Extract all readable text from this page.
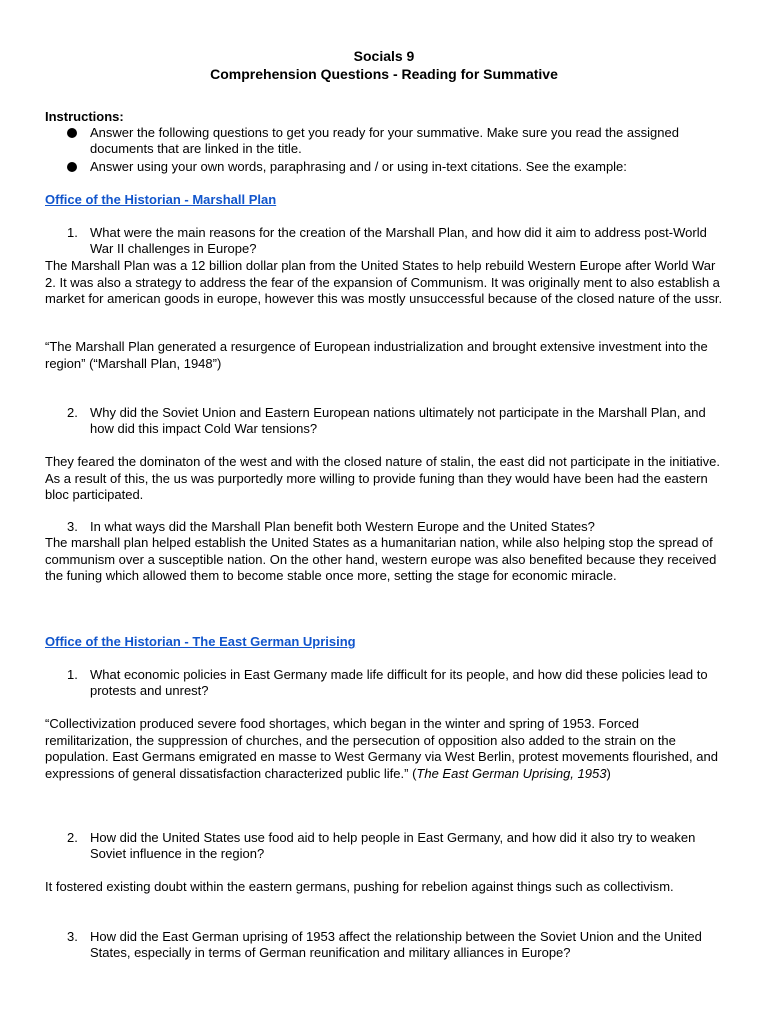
Socials 9
Comprehension Questions - Reading for Summative
Instructions:
Answer the following questions to get you ready for your summative. Make sure you read the assigned documents that are linked in the title.
Answer using your own words, paraphrasing and / or using in-text citations. See the example:
Office of the Historian - Marshall Plan
1. What were the main reasons for the creation of the Marshall Plan, and how did it aim to address post-World War II challenges in Europe?
The Marshall Plan was a 12 billion dollar plan from the United States to help rebuild Western Europe after World War 2. It was also a strategy to address the fear of the expansion of Communism. It was originally ment to also establish a market for american goods in europe, however this was mostly unsuccessful because of the closed nature of the ussr.
“The Marshall Plan generated a resurgence of European industrialization and brought extensive investment into the region” (“Marshall Plan, 1948”)
2. Why did the Soviet Union and Eastern European nations ultimately not participate in the Marshall Plan, and how did this impact Cold War tensions?
They feared the dominaton of the west and with the closed nature of stalin, the east did not participate in the initiative. As a result of this, the us was purportedly more willing to provide funing than they would have been had the eastern bloc participated.
3. In what ways did the Marshall Plan benefit both Western Europe and the United States?
The marshall plan helped establish the United States as a humanitarian nation, while also helping stop the spread of communism over a susceptible nation. On the other hand, western europe was also benefited because they received the funing which allowed them to become stable once more, setting the stage for economic miracle.
Office of the Historian - The East German Uprising
1. What economic policies in East Germany made life difficult for its people, and how did these policies lead to protests and unrest?
“Collectivization produced severe food shortages, which began in the winter and spring of 1953. Forced remilitarization, the suppression of churches, and the persecution of opposition also added to the strain on the population. East Germans emigrated en masse to West Germany via West Berlin, protest movements flourished, and expressions of general dissatisfaction characterized public life.” (The East German Uprising, 1953)
2. How did the United States use food aid to help people in East Germany, and how did it also try to weaken Soviet influence in the region?
It fostered existing doubt within the eastern germans, pushing for rebelion against things such as collectivism.
3. How did the East German uprising of 1953 affect the relationship between the Soviet Union and the United States, especially in terms of German reunification and military alliances in Europe?
